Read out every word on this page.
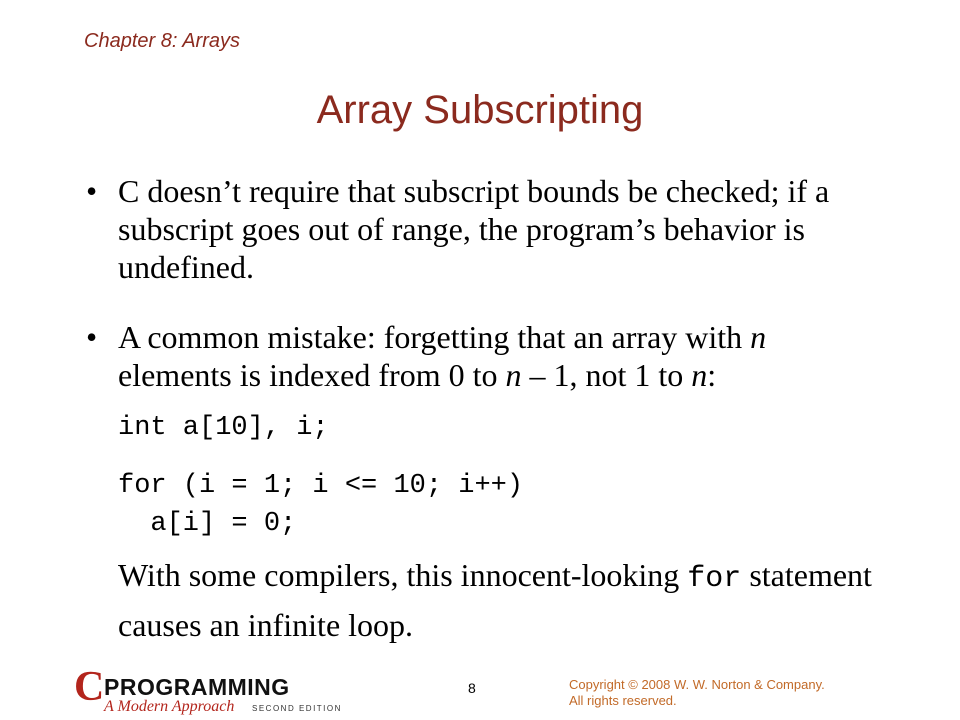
Chapter 8: Arrays
Array Subscripting
• C doesn’t require that subscript bounds be checked; if a subscript goes out of range, the program’s behavior is undefined.
• A common mistake: forgetting that an array with n elements is indexed from 0 to n – 1, not 1 to n:
int a[10], i;
for (i = 1; i <= 10; i++)
a[i] = 0;
With some compilers, this innocent-looking for statement causes an infinite loop.
C PROGRAMMING
A Modern Approach SECOND EDITION
8	Copyright © 2008 W. W. Norton & Company.
All rights reserved.
